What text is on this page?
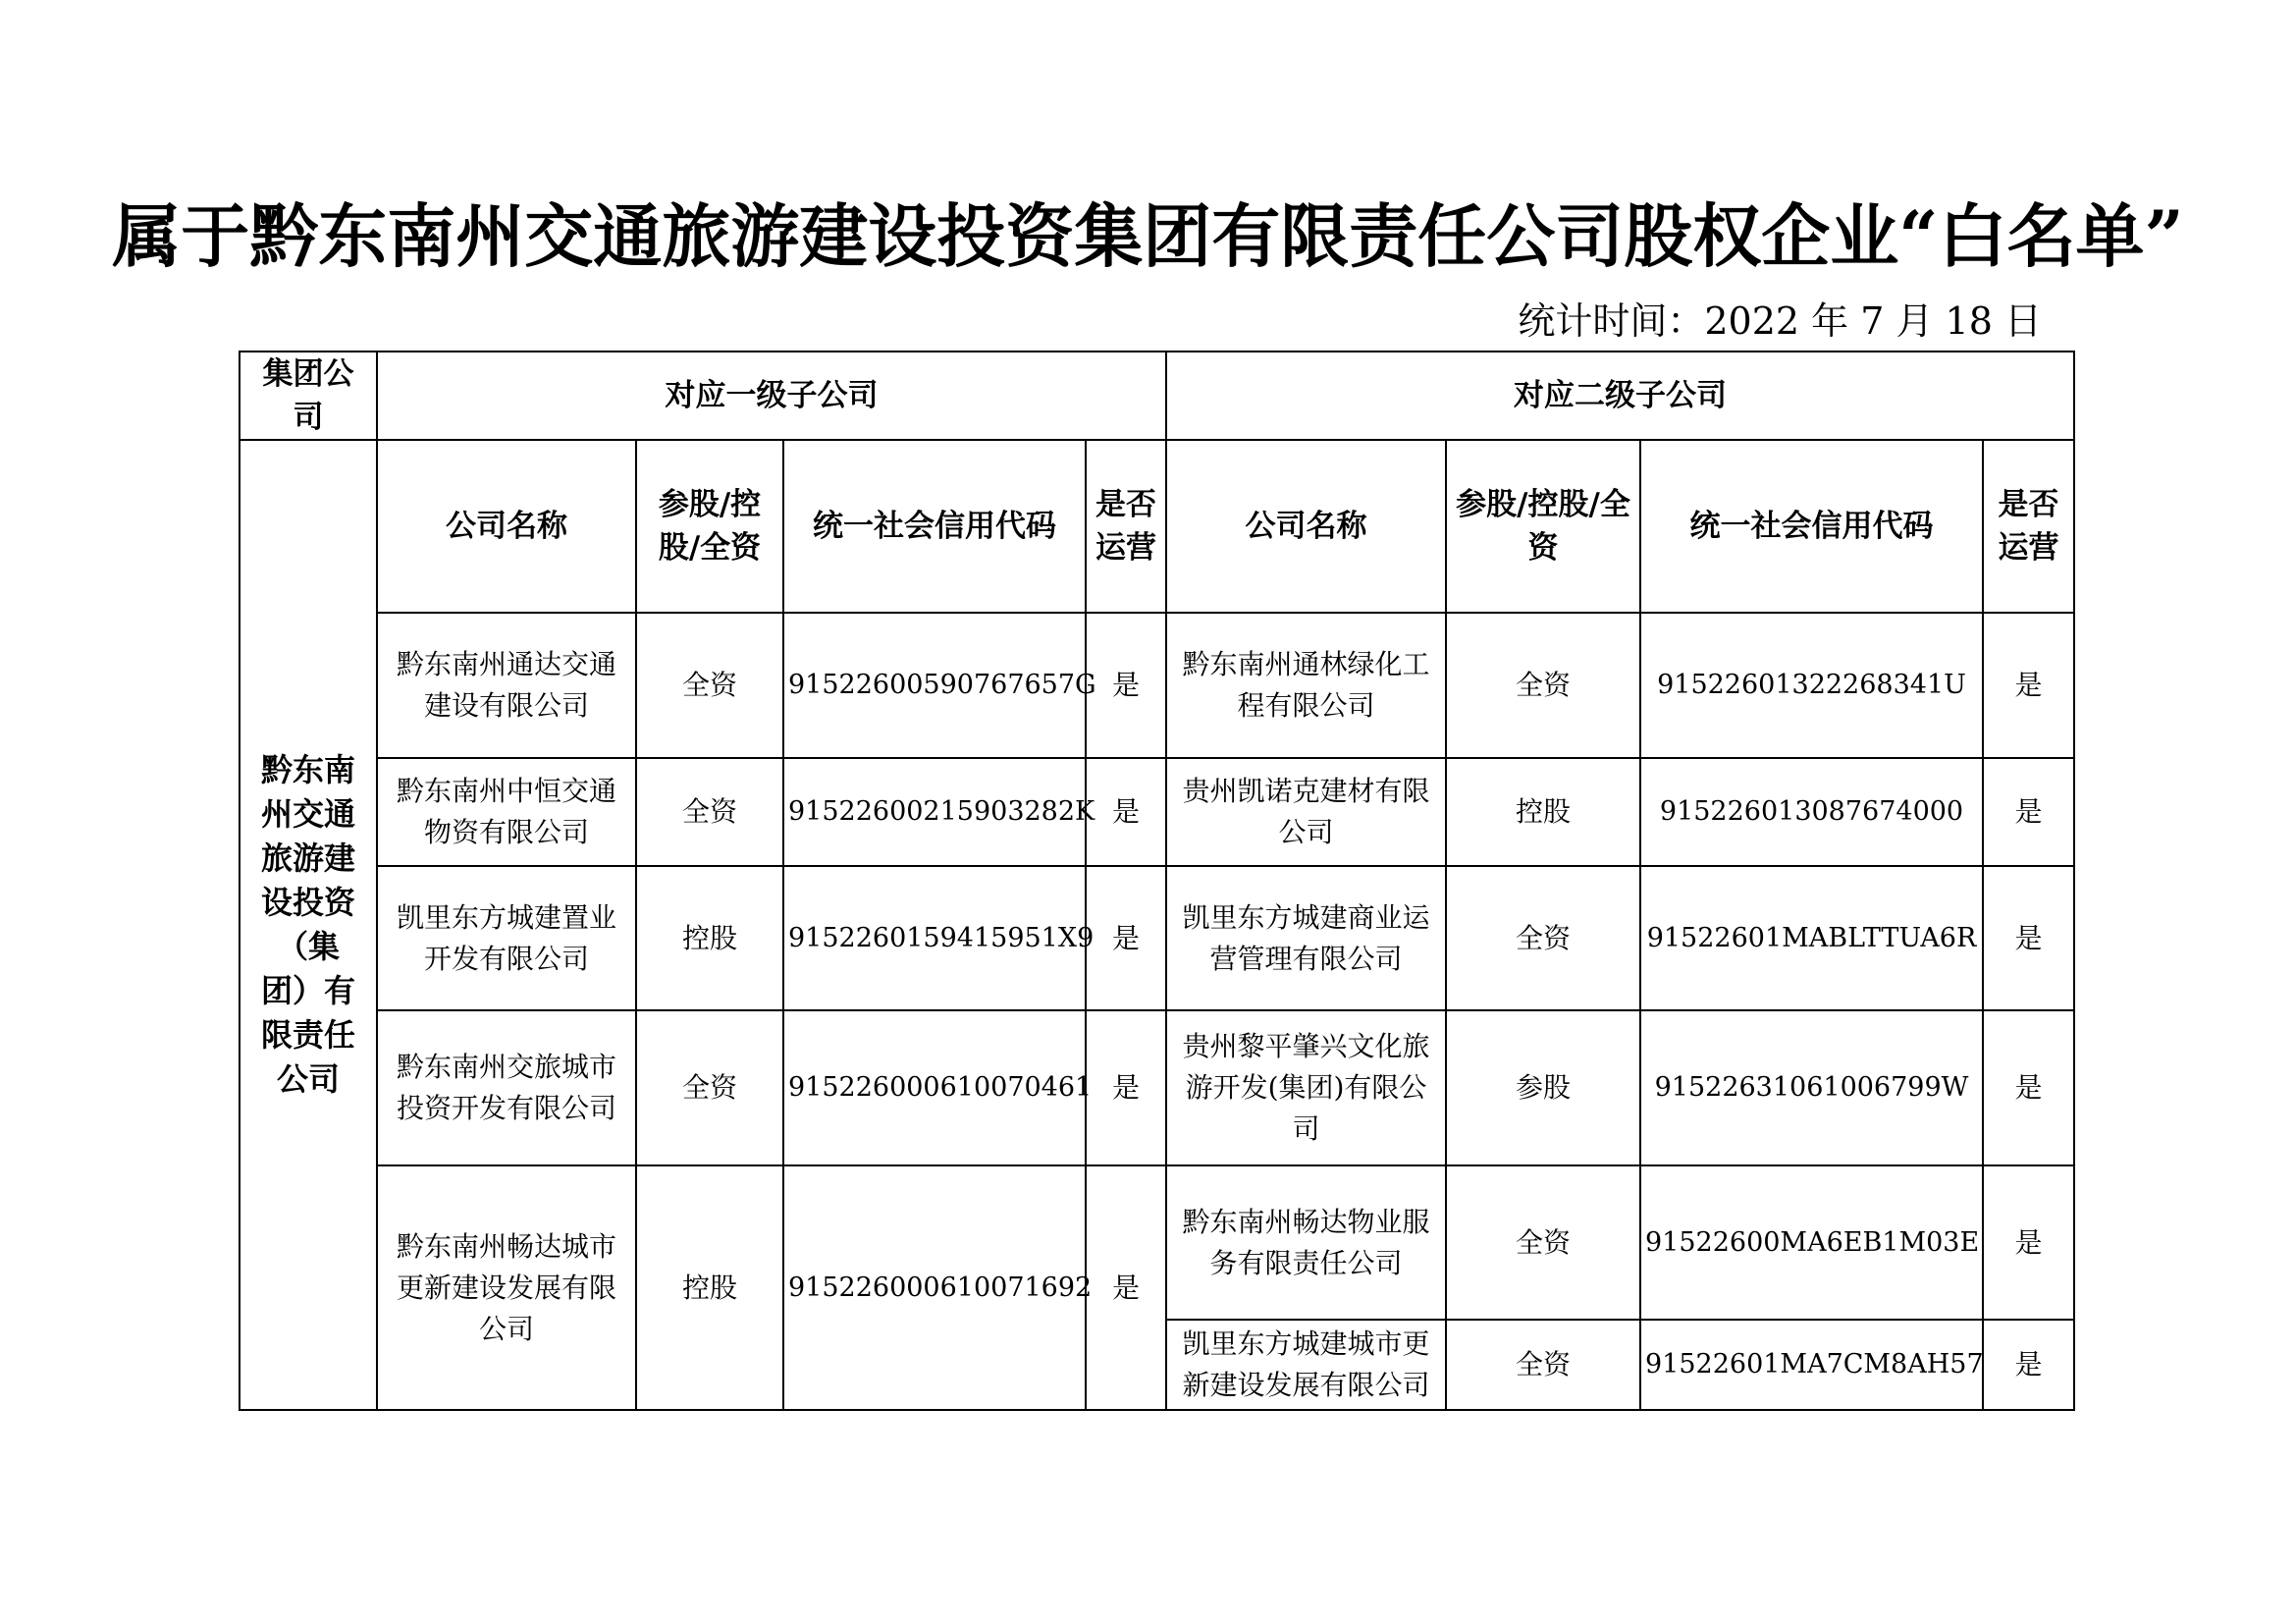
属于黔东南州交通旅游建设投资集团有限责任公司股权企业“白名单”
统计时间：2022 年 7 月 18 日
集团公司	对应一级子公司				对应二级子公司			
黔东南州交通旅游建设投资（集团）有限责任公司	公司名称	参股/控股/全资	统一社会信用代码	是否运营	公司名称	参股/控股/全资	统一社会信用代码	是否运营
	黔东南州通达交通建设有限公司	全资	91522600590767657G	是	黔东南州通林绿化工程有限公司	全资	91522601322268341U	是
	黔东南州中恒交通物资有限公司	全资	91522600215903282K	是	贵州凯诺克建材有限公司	控股	915226013087674000	是
	凯里东方城建置业开发有限公司	控股	9152260159415951X9	是	凯里东方城建商业运营管理有限公司	全资	91522601MABLTTUA6R	是
	黔东南州交旅城市投资开发有限公司	全资	915226000610070461	是	贵州黎平肇兴文化旅游开发(集团)有限公司	参股	91522631061006799W	是
	黔东南州畅达城市更新建设发展有限公司	控股	915226000610071692	是	黔东南州畅达物业服务有限责任公司	全资	91522600MA6EB1M03E	是
					凯里东方城建城市更新建设发展有限公司	全资	91522601MA7CM8AH57	是
